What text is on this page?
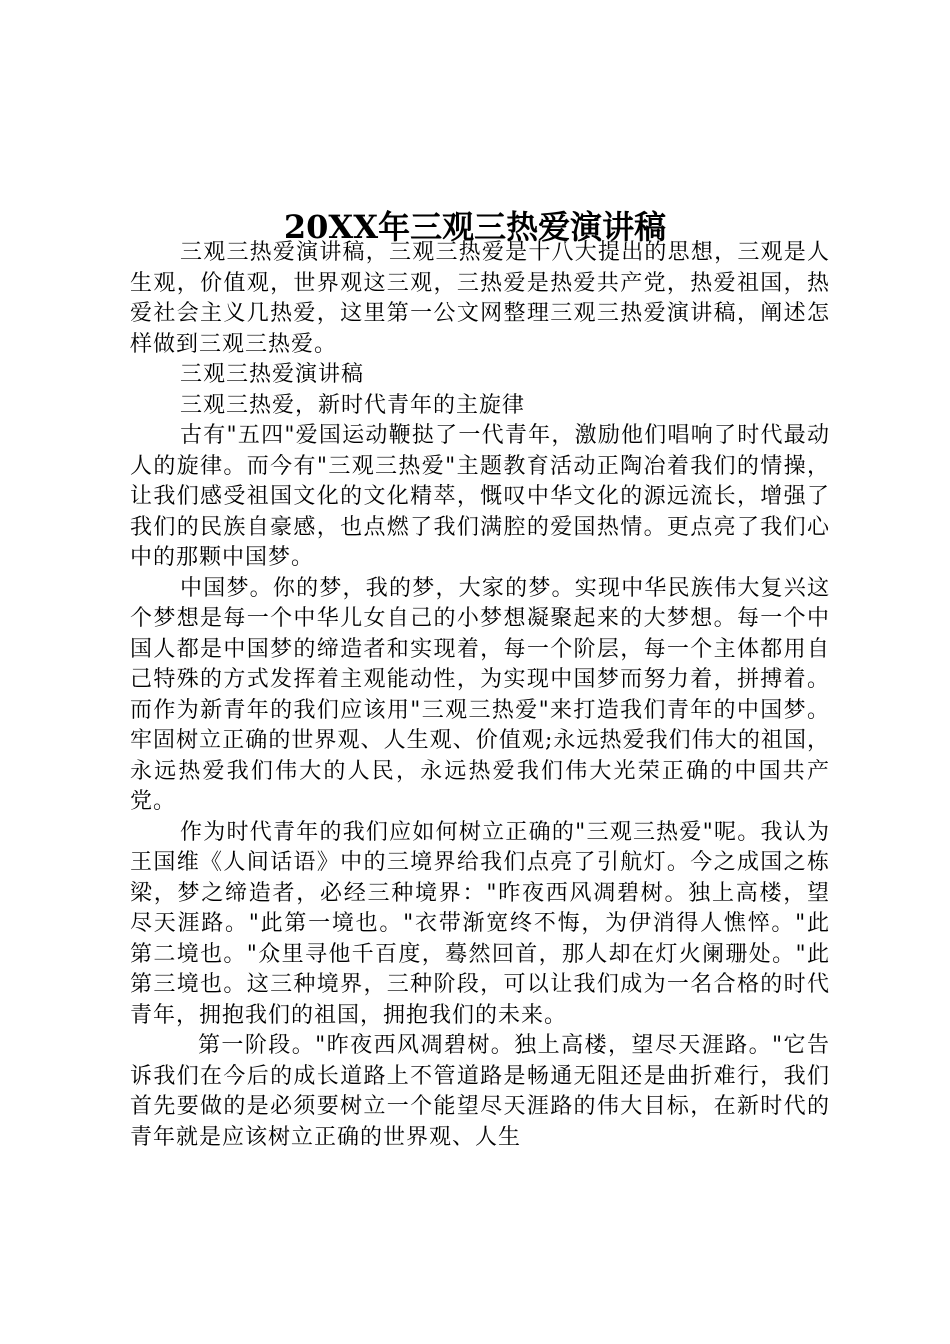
20XX年三观三热爱演讲稿

三观三热爱演讲稿，三观三热爱是十八大提出的思想，三观是人生观，价值观，世界观这三观，三热爱是热爱共产党，热爱祖国，热爱社会主义几热爱，这里第一公文网整理三观三热爱演讲稿，阐述怎样做到三观三热爱。

三观三热爱演讲稿

三观三热爱，新时代青年的主旋律

古有"五四"爱国运动鞭挞了一代青年，激励他们唱响了时代最动人的旋律。而今有"三观三热爱"主题教育活动正陶冶着我们的情操，让我们感受祖国文化的文化精萃，慨叹中华文化的源远流长，增强了我们的民族自豪感，也点燃了我们满腔的爱国热情。更点亮了我们心中的那颗中国梦。

中国梦。你的梦，我的梦，大家的梦。实现中华民族伟大复兴这个梦想是每一个中华儿女自己的小梦想凝聚起来的大梦想。每一个中国人都是中国梦的缔造者和实现着，每一个阶层，每一个主体都用自己特殊的方式发挥着主观能动性，为实现中国梦而努力着，拼搏着。而作为新青年的我们应该用"三观三热爱"来打造我们青年的中国梦。牢固树立正确的世界观、人生观、价值观;永远热爱我们伟大的祖国，永远热爱我们伟大的人民，永远热爱我们伟大光荣正确的中国共产党。

作为时代青年的我们应如何树立正确的"三观三热爱"呢。我认为王国维《人间话语》中的三境界给我们点亮了引航灯。今之成国之栋梁，梦之缔造者，必经三种境界："昨夜西风凋碧树。独上高楼，望尽天涯路。"此第一境也。"衣带渐宽终不悔，为伊消得人憔悴。"此第二境也。"众里寻他千百度，蓦然回首，那人却在灯火阑珊处。"此第三境也。这三种境界，三种阶段，可以让我们成为一名合格的时代青年，拥抱我们的祖国，拥抱我们的未来。

第一阶段。"昨夜西风凋碧树。独上高楼，望尽天涯路。"它告诉我们在今后的成长道路上不管道路是畅通无阻还是曲折难行，我们首先要做的是必须要树立一个能望尽天涯路的伟大目标，在新时代的青年就是应该树立正确的世界观、人生
